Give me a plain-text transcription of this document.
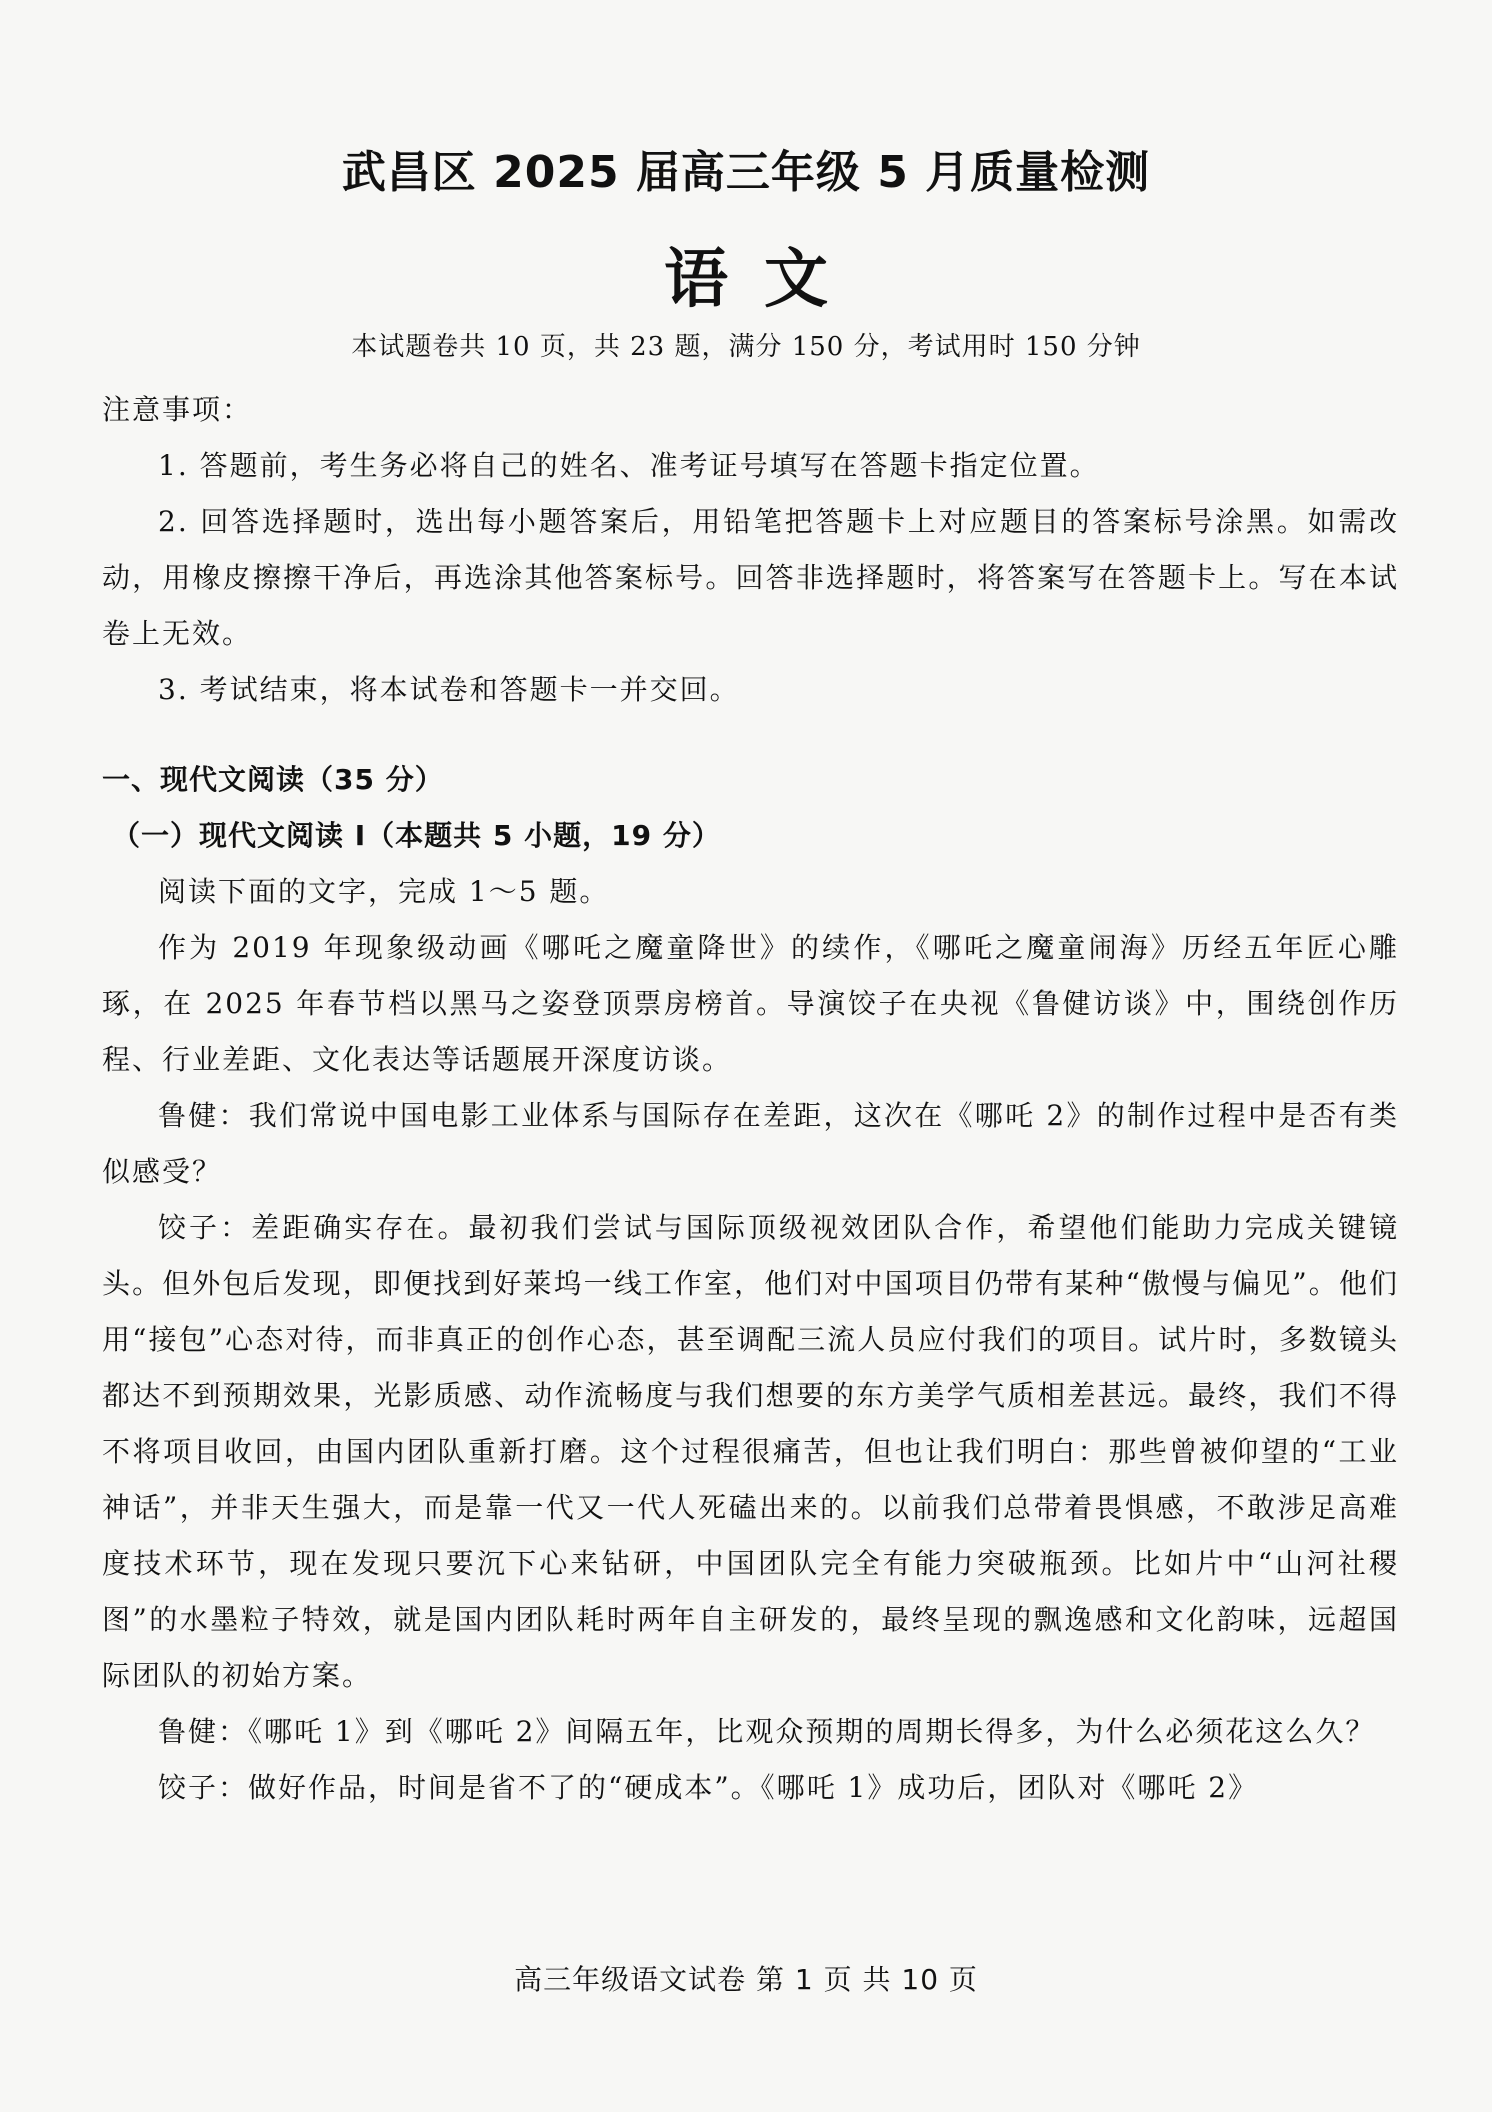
武昌区 2025 届高三年级 5 月质量检测
语文
本试题卷共 10 页，共 23 题，满分 150 分，考试用时 150 分钟
注意事项：
1. 答题前，考生务必将自己的姓名、准考证号填写在答题卡指定位置。
2. 回答选择题时，选出每小题答案后，用铅笔把答题卡上对应题目的答案标号涂黑。如需改动，用橡皮擦擦干净后，再选涂其他答案标号。回答非选择题时，将答案写在答题卡上。写在本试卷上无效。
3. 考试结束，将本试卷和答题卡一并交回。
一、现代文阅读（35 分）
（一）现代文阅读 I（本题共 5 小题，19 分）

阅读下面的文字，完成 1～5 题。

作为 2019 年现象级动画《哪吒之魔童降世》的续作，《哪吒之魔童闹海》历经五年匠心雕琢，在 2025 年春节档以黑马之姿登顶票房榜首。导演饺子在央视《鲁健访谈》中，围绕创作历程、行业差距、文化表达等话题展开深度访谈。

鲁健：我们常说中国电影工业体系与国际存在差距，这次在《哪吒 2》的制作过程中是否有类似感受？

饺子：差距确实存在。最初我们尝试与国际顶级视效团队合作，希望他们能助力完成关键镜头。但外包后发现，即便找到好莱坞一线工作室，他们对中国项目仍带有某种“傲慢与偏见”。他们用“接包”心态对待，而非真正的创作心态，甚至调配三流人员应付我们的项目。试片时，多数镜头都达不到预期效果，光影质感、动作流畅度与我们想要的东方美学气质相差甚远。最终，我们不得不将项目收回，由国内团队重新打磨。这个过程很痛苦，但也让我们明白：那些曾被仰望的“工业神话”，并非天生强大，而是靠一代又一代人死磕出来的。以前我们总带着畏惧感，不敢涉足高难度技术环节，现在发现只要沉下心来钻研，中国团队完全有能力突破瓶颈。比如片中“山河社稷图”的水墨粒子特效，就是国内团队耗时两年自主研发的，最终呈现的飘逸感和文化韵味，远超国际团队的初始方案。

鲁健：《哪吒 1》到《哪吒 2》间隔五年，比观众预期的周期长得多，为什么必须花这么久？

饺子：做好作品，时间是省不了的“硬成本”。《哪吒 1》成功后，团队对《哪吒 2》

高三年级语文试卷 第 1 页 共 10 页
